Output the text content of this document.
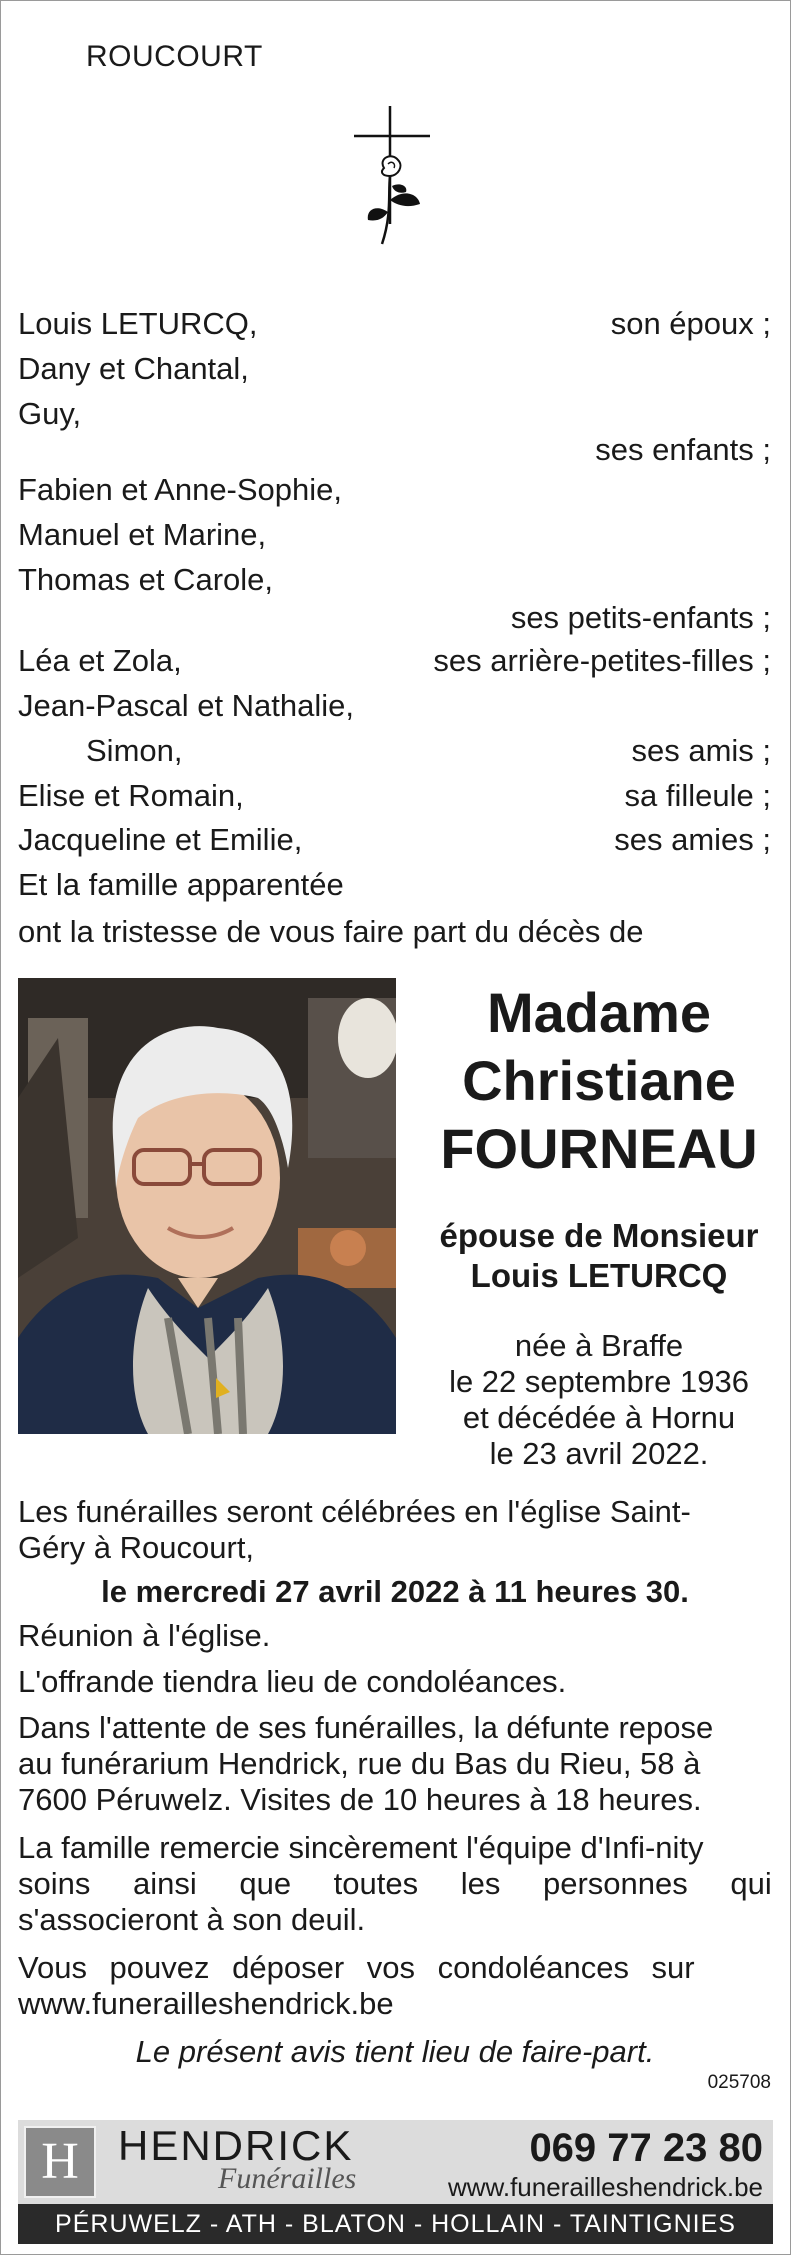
ROUCOURT
Louis LETURCQ,	son époux ;
Dany et Chantal,
Guy,
ses enfants ;
Fabien et Anne-Sophie,
Manuel et Marine,
Thomas et Carole,
ses petits-enfants ;
Léa et Zola,	ses arrière-petites-filles ;
Jean-Pascal et Nathalie,
Simon,	ses amis ;
Elise et Romain,	sa filleule ;
Jacqueline et Emilie,	ses amies ;
Et la famille apparentée
ont la tristesse de vous faire part du décès de
Madame
Christiane
FOURNEAU
épouse de Monsieur
Louis LETURCQ
née à Braffe
le 22 septembre 1936
et décédée à Hornu
le 23 avril 2022.
Les funérailles seront célébrées en l'église Saint-
Géry à Roucourt,
le mercredi 27 avril 2022 à 11 heures 30.
Réunion à l'église.
L'offrande tiendra lieu de condoléances.
Dans l'attente de ses funérailles, la défunte repose
au funérarium Hendrick, rue du Bas du Rieu, 58 à
7600 Péruwelz. Visites de 10 heures à 18 heures.
La famille remercie sincèrement l'équipe d'Infi-nity
soins ainsi que toutes les personnes qui
s'associeront à son deuil.
Vous pouvez déposer vos condoléances sur
www.funerailleshendrick.be
Le présent avis tient lieu de faire-part.
025708
H HENDRICK
Funérailles
069 77 23 80
www.funerailleshendrick.be
PÉRUWELZ - ATH - BLATON - HOLLAIN - TAINTIGNIES
